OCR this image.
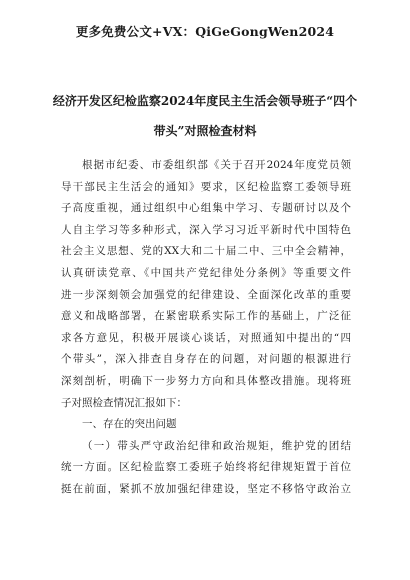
更多免费公文+VX：QiGeGongWen2024
经济开发区纪检监察2024年度民主生活会领导班子“四个
带头”对照检查材料
根据市纪委、市委组织部《关于召开2024年度党员领
导干部民主生活会的通知》要求，区纪检监察工委领导班
子高度重视，通过组织中心组集中学习、专题研讨以及个
人自主学习等多种形式，深入学习习近平新时代中国特色
社会主义思想、党的XX大和二十届二中、三中全会精神，
认真研读党章、《中国共产党纪律处分条例》等重要文件
进一步深刻领会加强党的纪律建设、全面深化改革的重要
意义和战略部署，在紧密联系实际工作的基础上，广泛征
求各方意见，积极开展谈心谈话，对照通知中提出的“四
个带头”，深入排查自身存在的问题，对问题的根源进行
深刻剖析，明确下一步努力方向和具体整改措施。现将班
子对照检查情况汇报如下：
一、存在的突出问题
（一）带头严守政治纪律和政治规矩，维护党的团结
统一方面。区纪检监察工委班子始终将纪律规矩置于首位
挺在前面，紧抓不放加强纪律建设，坚定不移恪守政治立
